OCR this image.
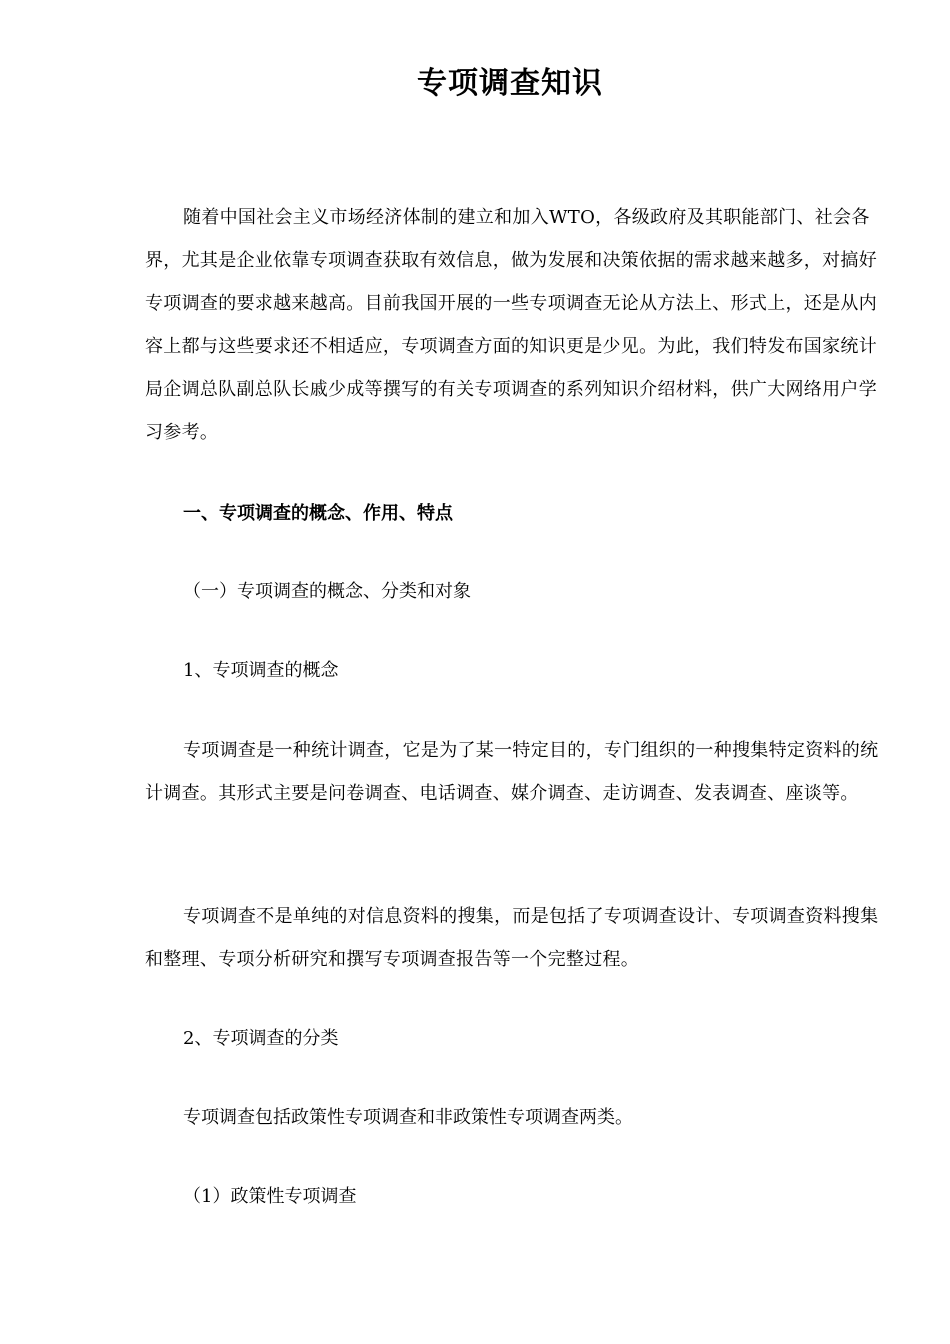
专项调查知识
随着中国社会主义市场经济体制的建立和加入WTO，各级政府及其职能部门、社会各界，尤其是企业依靠专项调查获取有效信息，做为发展和决策依据的需求越来越多，对搞好专项调查的要求越来越高。目前我国开展的一些专项调查无论从方法上、形式上，还是从内容上都与这些要求还不相适应，专项调查方面的知识更是少见。为此，我们特发布国家统计局企调总队副总队长戚少成等撰写的有关专项调查的系列知识介绍材料，供广大网络用户学习参考。
一、专项调查的概念、作用、特点
（一）专项调查的概念、分类和对象
1、专项调查的概念
专项调查是一种统计调查，它是为了某一特定目的，专门组织的一种搜集特定资料的统计调查。其形式主要是问卷调查、电话调查、媒介调查、走访调查、发表调查、座谈等。
专项调查不是单纯的对信息资料的搜集，而是包括了专项调查设计、专项调查资料搜集和整理、专项分析研究和撰写专项调查报告等一个完整过程。
2、专项调查的分类
专项调查包括政策性专项调查和非政策性专项调查两类。
（1）政策性专项调查
